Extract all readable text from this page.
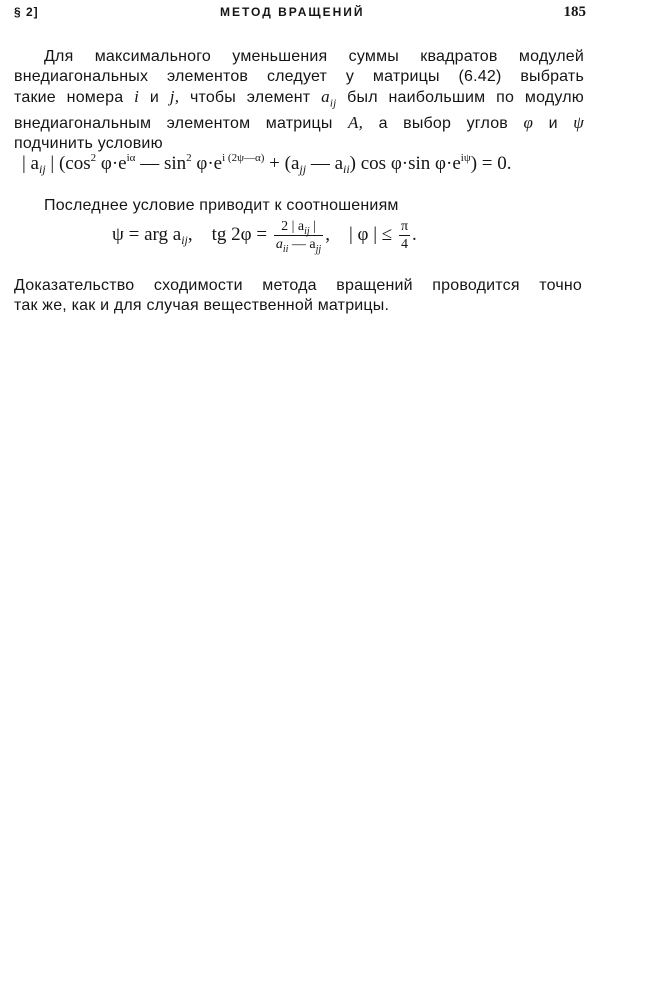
§ 2]	МЕТОД ВРАЩЕНИЙ	185
Для максимального уменьшения суммы квадратов модулей
внедиагональных элементов следует у матрицы (6.42) выбрать
такие номера i и j, чтобы элемент $a_{ij}$ был наибольшим по модулю
внедиагональным элементом матрицы A, а выбор углов φ и ψ
подчинить условию
| $a_{ij}$ | ($\cos^2$ $\varphi\cdot e^{i\alpha}$ — $\sin^2 \varphi\cdot e^{i (2\psi—\alpha)} + (a_{jj}$ — $a_{ii}$) cos φ·sin $\varphi\cdot e^{i\psi}) = 0$.
Последнее условие приводит к соотношениям
ψ = arg $a_{ij}$, tg $2\varphi = \frac{2 | a_{ij} |}{a_{ii} — a_{jj}}$ , | φ | ≤ $\frac{\pi}{4}$ .
Доказательство сходимости метода вращений проводится точно
так же, как и для случая вещественной матрицы.
